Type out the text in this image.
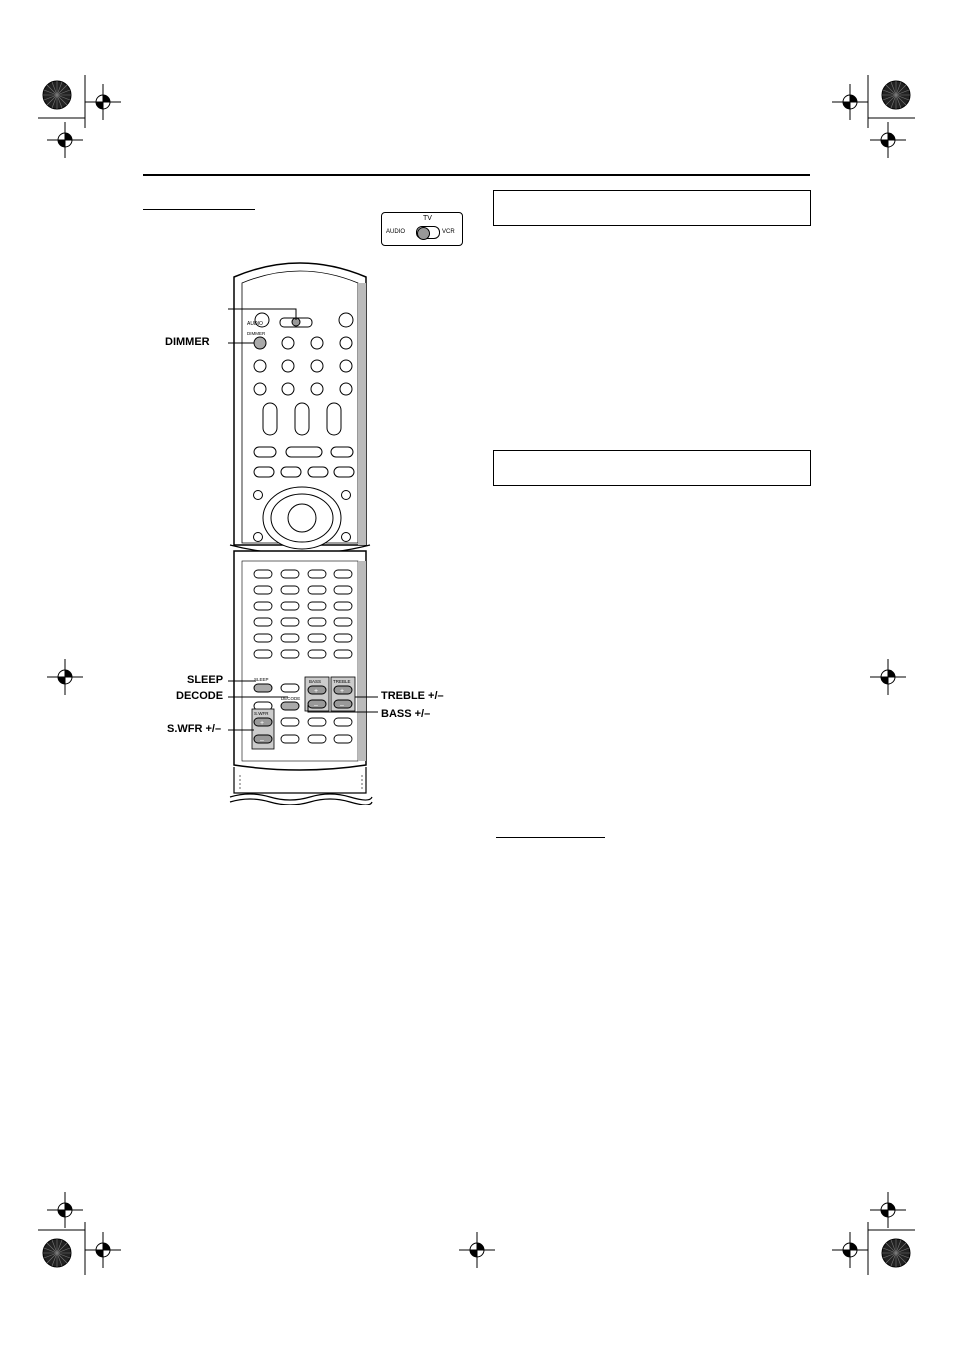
TV
AUDIO	VCR
AUDIO
DIMMER
SLEEP
DECODE
BASS
+
–
TREBLE
+
–
S.WFR
+
–
DIMMER
SLEEP
DECODE
S.WFR +/–
TREBLE +/–
BASS +/–
